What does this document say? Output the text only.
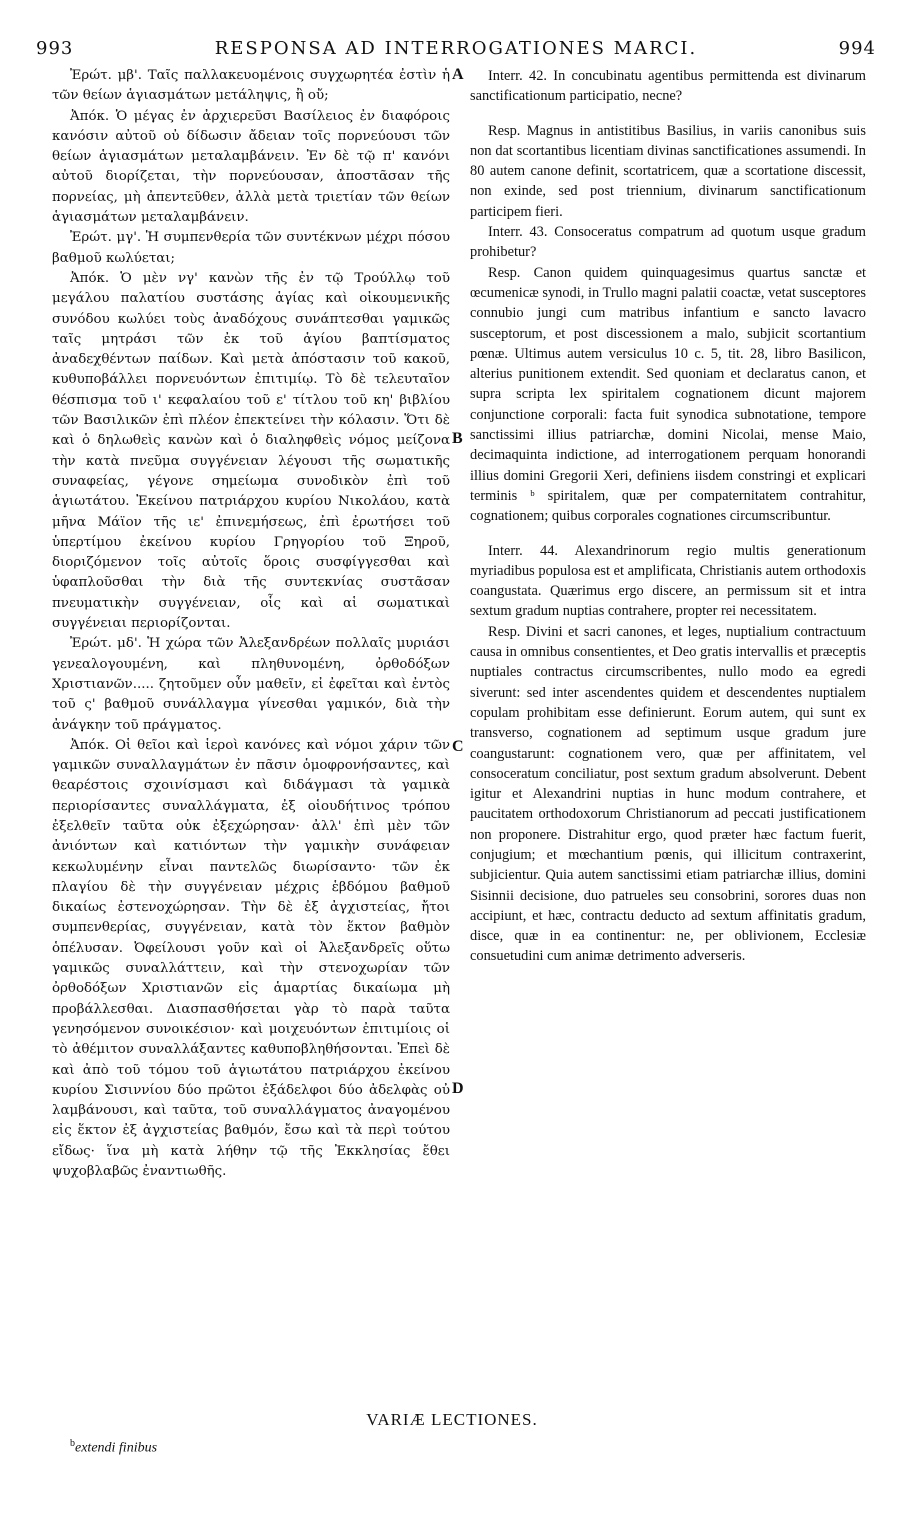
993	RESPONSA AD INTERROGATIONES MARCI.	994

Ἐρώτ. μβ'. Ταῖς παλλακευομένοις συγχωρητέα ἐστὶν ἡ τῶν θείων ἁγιασμάτων μετάληψις, ἢ οὔ;

Ἀπόκ. Ὁ μέγας ἐν ἀρχιερεῦσι Βασίλειος ἐν διαφόροις κανόσιν αὐτοῦ οὐ δίδωσιν ἄδειαν τοῖς πορνεύουσι τῶν θείων ἁγιασμάτων μεταλαμβάνειν. Ἐν δὲ τῷ π' κανόνι αὐτοῦ διορίζεται, τὴν πορνεύουσαν, ἀποστᾶσαν τῆς πορνείας, μὴ ἀπεντεῦθεν, ἀλλὰ μετὰ τριετίαν τῶν θείων ἁγιασμάτων μεταλαμβάνειν.

Ἐρώτ. μγ'. Ἡ συμπενθερία τῶν συντέκνων μέχρι πόσου βαθμοῦ κωλύεται;

Ἀπόκ. Ὁ μὲν νγ' κανὼν τῆς ἐν τῷ Τρούλλῳ τοῦ μεγάλου παλατίου συστάσης ἁγίας καὶ οἰκουμενικῆς συνόδου κωλύει τοὺς ἀναδόχους συνάπτεσθαι γαμικῶς ταῖς μητράσι τῶν ἐκ τοῦ ἁγίου βαπτίσματος ἀναδεχθέντων παίδων. Καὶ μετὰ ἀπόστασιν τοῦ κακοῦ, κυθυποβάλλει πορνευόντων ἐπιτιμίῳ. Τὸ δὲ τελευταῖον θέσπισμα τοῦ ι' κεφαλαίου τοῦ ε' τίτλου τοῦ κη' βιβλίου τῶν Βασιλικῶν ἐπὶ πλέον ἐπεκτείνει τὴν κόλασιν. Ὅτι δὲ καὶ ὁ δηλωθεὶς κανὼν καὶ ὁ διαληφθεὶς νόμος μείζονα τὴν κατὰ πνεῦμα συγγένειαν λέγουσι τῆς σωματικῆς συναφείας, γέγονε σημείωμα συνοδικὸν ἐπὶ τοῦ ἁγιωτάτου. Ἐκείνου πατριάρχου κυρίου Νικολάου, κατὰ μῆνα Μάϊον τῆς ιε' ἐπινεμήσεως, ἐπὶ ἐρωτήσει τοῦ ὑπερτίμου ἐκείνου κυρίου Γρηγορίου τοῦ Ξηροῦ, διοριζόμενον τοῖς αὐτοῖς ὅροις συσφίγγεσθαι καὶ ὑφαπλοῦσθαι τὴν διὰ τῆς συντεκνίας συστᾶσαν πνευματικὴν συγγένειαν, οἷς καὶ αἱ σωματικαὶ συγγένειαι περιορίζονται.

Ἐρώτ. μδ'. Ἡ χώρα τῶν Ἀλεξανδρέων πολλαῖς μυριάσι γενεαλογουμένη, καὶ πληθυνομένη, ὀρθοδόξων Χριστιανῶν..... ζητοῦμεν οὖν μαθεῖν, εἰ ἐφεῖται καὶ ἐντὸς τοῦ ς' βαθμοῦ συνάλλαγμα γίνεσθαι γαμικόν, διὰ τὴν ἀνάγκην τοῦ πράγματος.

Ἀπόκ. Οἱ θεῖοι καὶ ἱεροὶ κανόνες καὶ νόμοι χάριν τῶν γαμικῶν συναλλαγμάτων ἐν πᾶσιν ὁμοφρονήσαντες, καὶ θεαρέστοις σχοινίσμασι καὶ διδάγμασι τὰ γαμικὰ περιορίσαντες συναλλάγματα, ἐξ οἱουδήτινος τρόπου ἐξελθεῖν ταῦτα οὐκ ἐξεχώρησαν· ἀλλ' ἐπὶ μὲν τῶν ἀνιόντων καὶ κατιόντων τὴν γαμικὴν συνάφειαν κεκωλυμένην εἶναι παντελῶς διωρίσαντο· τῶν ἐκ πλαγίου δὲ τὴν συγγένειαν μέχρις ἑβδόμου βαθμοῦ δικαίως ἐστενοχώρησαν. Τὴν δὲ ἐξ ἀγχιστείας, ἤτοι συμπενθερίας, συγγένειαν, κατὰ τὸν ἕκτον βαθμὸν ὁπέλυσαν. Ὀφείλουσι γοῦν καὶ οἱ Ἀλεξανδρεῖς οὕτω γαμικῶς συναλλάττειν, καὶ τὴν στενοχωρίαν τῶν ὀρθοδόξων Χριστιανῶν εἰς ἁμαρτίας δικαίωμα μὴ προβάλλεσθαι. Διασπασθήσεται γὰρ τὸ παρὰ ταῦτα γενησόμενον συνοικέσιον· καὶ μοιχευόντων ἐπιτιμίοις οἱ τὸ ἀθέμιτον συναλλάξαντες καθυποβληθήσονται. Ἐπεὶ δὲ καὶ ἀπὸ τοῦ τόμου τοῦ ἁγιωτάτου πατριάρχου ἐκείνου κυρίου Σισιννίου δύο πρῶτοι ἐξάδελφοι δύο ἀδελφὰς οὐ λαμβάνουσι, καὶ ταῦτα, τοῦ συναλλάγματος ἀναγομένου εἰς ἕκτον ἐξ ἀγχιστείας βαθμόν, ἔσω καὶ τὰ περὶ τούτου εἴδως· ἵνα μὴ κατὰ λήθην τῷ τῆς Ἐκκλησίας ἔθει ψυχοβλαβῶς ἐναντιωθῆς.

A
B
C
D

Interr. 42. In concubinatu agentibus permittenda est divinarum sanctificationum participatio, necne?

Resp. Magnus in antistitibus Basilius, in variis canonibus suis non dat scortantibus licentiam divinas sanctificationes assumendi. In 80 autem canone definit, scortatricem, quæ a scortatione discessit, non exinde, sed post triennium, divinarum sanctificationum participem fieri.

Interr. 43. Consoceratus compatrum ad quotum usque gradum prohibetur?

Resp. Canon quidem quinquagesimus quartus sanctæ et œcumenicæ synodi, in Trullo magni palatii coactæ, vetat susceptores connubio jungi cum matribus infantium e sancto lavacro susceptorum, et post discessionem a malo, subjicit scortantium pœnæ. Ultimus autem versiculus 10 c. 5, tit. 28, libro Basilicon, alterius punitionem extendit. Sed quoniam et declaratus canon, et supra scripta lex spiritalem cognationem dicunt majorem conjunctione corporali: facta fuit synodica subnotatione, tempore sanctissimi illius patriarchæ, domini Nicolai, mense Maio, decimaquinta indictione, ad interrogationem perquam honorandi illius domini Gregorii Xeri, definiens iisdem constringi et explicari terminis ᵇ spiritalem, quæ per compaternitatem contrahitur, cognationem; quibus corporales cognationes circumscribuntur.

Interr. 44. Alexandrinorum regio multis generationum myriadibus populosa est et amplificata, Christianis autem orthodoxis coangustata. Quærimus ergo discere, an permissum sit et intra sextum gradum nuptias contrahere, propter rei necessitatem.

Resp. Divini et sacri canones, et leges, nuptialium contractuum causa in omnibus consentientes, et Deo gratis intervallis et præceptis nuptiales contractus circumscribentes, nullo modo ea egredi siverunt: sed inter ascendentes quidem et descendentes nuptialem copulam prohibitam esse definierunt. Eorum autem, qui sunt ex transverso, cognationem ad septimum usque gradum jure coangustarunt: cognationem vero, quæ per affinitatem, vel consoceratum conciliatur, post sextum gradum absolverunt. Debent igitur et Alexandrini nuptias in hunc modum contrahere, et paucitatem orthodoxorum Christianorum ad peccati justificationem non proponere. Distrahitur ergo, quod præter hæc factum fuerit, conjugium; et mœchantium pœnis, qui illicitum contraxerint, subjicientur. Quia autem sanctissimi etiam patriarchæ illius, domini Sisinnii decisione, duo patrueles seu consobrini, sorores duas non accipiunt, et hæc, contractu deducto ad sextum affinitatis gradum, disce, quæ in ea continentur: ne, per oblivionem, Ecclesiæ consuetudini cum animæ detrimento adverseris.

VARIÆ LECTIONES.
$^b$extendi finibus
